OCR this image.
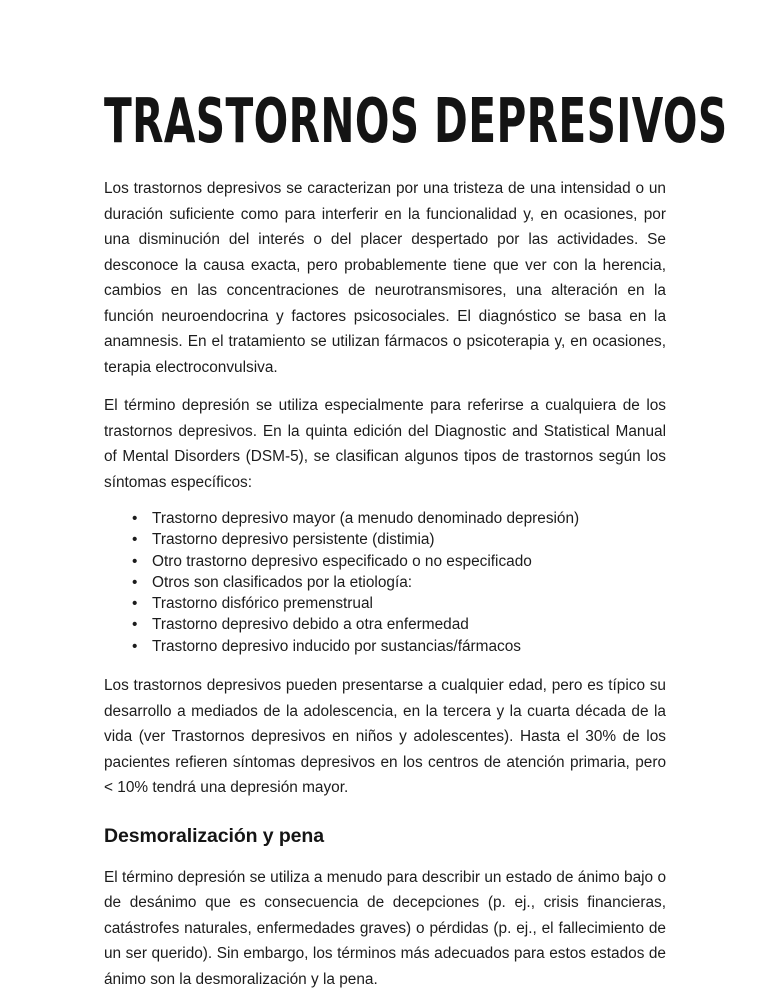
TRASTORNOS DEPRESIVOS

Los trastornos depresivos se caracterizan por una tristeza de una intensidad o un duración suficiente como para interferir en la funcionalidad y, en ocasiones, por una disminución del interés o del placer despertado por las actividades. Se desconoce la causa exacta, pero probablemente tiene que ver con la herencia, cambios en las concentraciones de neurotransmisores, una alteración en la función neuroendocrina y factores psicosociales. El diagnóstico se basa en la anamnesis. En el tratamiento se utilizan fármacos o psicoterapia y, en ocasiones, terapia electroconvulsiva.

El término depresión se utiliza especialmente para referirse a cualquiera de los trastornos depresivos. En la quinta edición del Diagnostic and Statistical Manual of Mental Disorders (DSM-5), se clasifican algunos tipos de trastornos según los síntomas específicos:

• Trastorno depresivo mayor (a menudo denominado depresión)
• Trastorno depresivo persistente (distimia)
• Otro trastorno depresivo especificado o no especificado
• Otros son clasificados por la etiología:
• Trastorno disfórico premenstrual
• Trastorno depresivo debido a otra enfermedad
• Trastorno depresivo inducido por sustancias/fármacos

Los trastornos depresivos pueden presentarse a cualquier edad, pero es típico su desarrollo a mediados de la adolescencia, en la tercera y la cuarta década de la vida (ver Trastornos depresivos en niños y adolescentes). Hasta el 30% de los pacientes refieren síntomas depresivos en los centros de atención primaria, pero < 10% tendrá una depresión mayor.

Desmoralización y pena

El término depresión se utiliza a menudo para describir un estado de ánimo bajo o de desánimo que es consecuencia de decepciones (p. ej., crisis financieras, catástrofes naturales, enfermedades graves) o pérdidas (p. ej., el fallecimiento de un ser querido). Sin embargo, los términos más adecuados para estos estados de ánimo son la desmoralización y la pena.
